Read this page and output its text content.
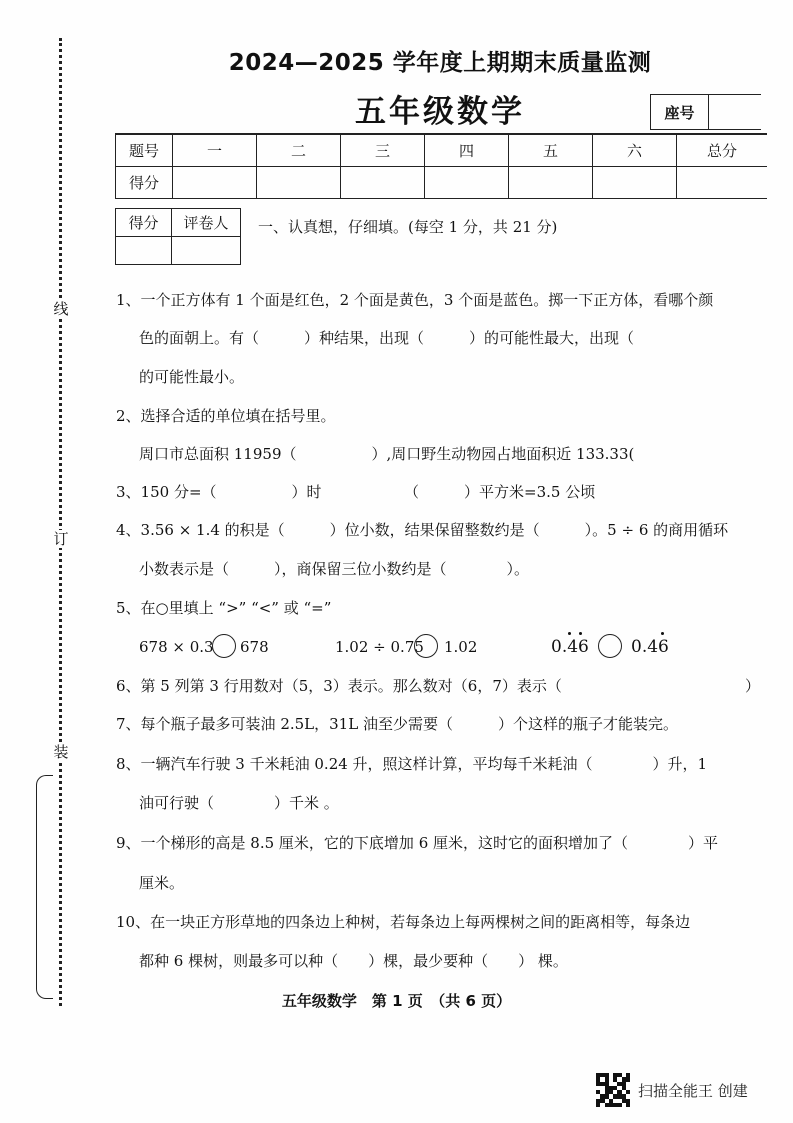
线
订
装
2024—2025 学年度上期期末质量监测
五年级数学	座号
题号	一	二	三	四	五	六	总分
得分							
得分	评卷人
	一、认真想，仔细填。(每空 1 分，共 21 分)
1、一个正方体有 1 个面是红色，2 个面是黄色，3 个面是蓝色。掷一下正方体，看哪个颜
色的面朝上。有（　　　）种结果，出现（　　　）的可能性最大，出现（
的可能性最小。
2、选择合适的单位填在括号里。
周口市总面积 11959（　　　　　）,周口野生动物园占地面积近 133.33(
3、150 分=（　　　　　）时　　　　　　（　　　）平方米=3.5 公顷
4、3.56 × 1.4 的积是（　　　）位小数，结果保留整数约是（　　　）。5 ÷ 6 的商用循环
小数表示是（　　　），商保留三位小数约是（　　　　）。
5、在○里填上 “>” “<” 或 “=”
678 × 0.3 678	1.02 ÷ 0.75 1.02	0.46 0.46
6、第 5 列第 3 行用数对（5，3）表示。那么数对（6，7）表示（	）
7、每个瓶子最多可装油 2.5L，31L 油至少需要（　　　）个这样的瓶子才能装完。
8、一辆汽车行驶 3 千米耗油 0.24 升，照这样计算，平均每千米耗油（　　　　）升，1
油可行驶（　　　　）千米 。
9、一个梯形的高是 8.5 厘米，它的下底增加 6 厘米，这时它的面积增加了（　　　　）平
厘米。
10、在一块正方形草地的四条边上种树，若每条边上每两棵树之间的距离相等，每条边
都种 6 棵树，则最多可以种（　　）棵，最少要种（　　） 棵。
五年级数学　第 1 页　（共 6 页）
扫描全能王 创建
